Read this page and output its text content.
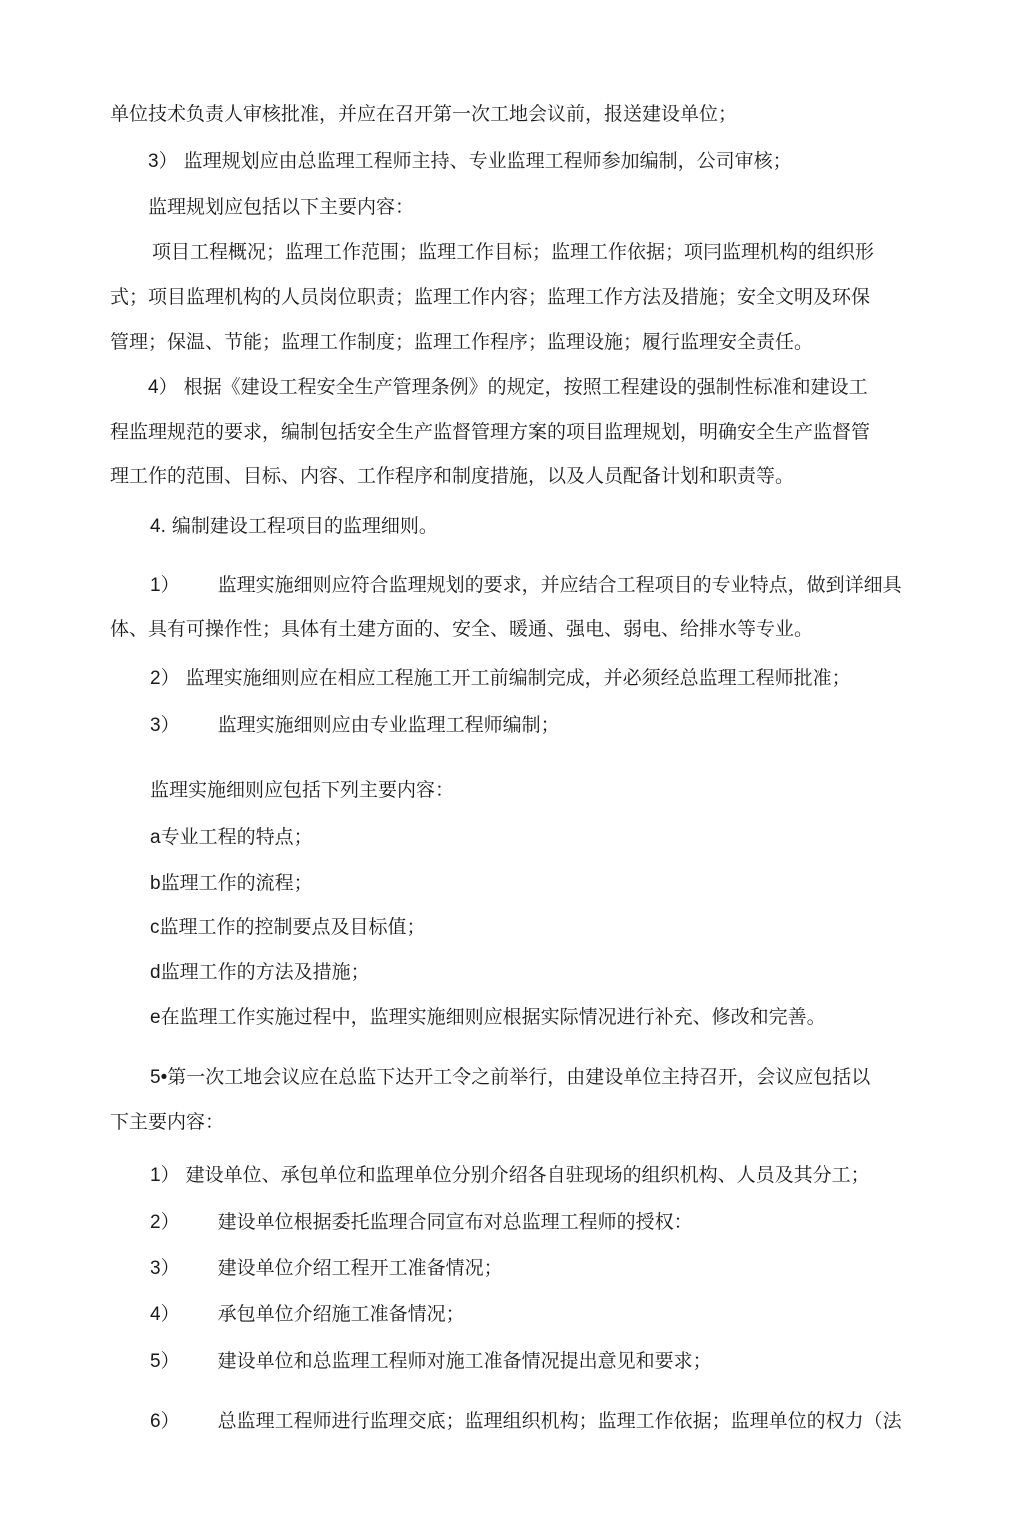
单位技术负责人审核批准，并应在召开第一次工地会议前，报送建设单位；
3） 监理规划应由总监理工程师主持、专业监理工程师参加编制，公司审核；
监理规划应包括以下主要内容：
项目工程概况；监理工作范围；监理工作目标；监理工作依据；项冃监理机构的组织形
式；项目监理机构的人员岗位职责；监理工作内容；监理工作方法及措施；安全文明及环保
管理；保温、节能；监理工作制度；监理工作程序；监理设施；履行监理安全责任。
4） 根据《建设工程安全生产管理条例》的规定，按照工程建设的强制性标准和建设工
程监理规范的要求，编制包括安全生产监督管理方案的项目监理规划，明确安全生产监督管
理工作的范围、目标、内容、工作程序和制度措施，以及人员配备计划和职责等。
4. 编制建设工程项目的监理细则。
1） 监理实施细则应符合监理规划的要求，并应结合工程项目的专业特点，做到详细具
体、具有可操作性；具体有土建方面的、安全、暖通、强电、弱电、给排水等专业。
2） 监理实施细则应在相应工程施工开工前编制完成，并必须经总监理工程师批准；
3） 监理实施细则应由专业监理工程师编制；
监理实施细则应包括下列主要内容：
a专业工程的特点；
b监理工作的流程；
c监理工作的控制要点及目标值；
d监理工作的方法及措施；
e在监理工作实施过程中，监理实施细则应根据实际情况进行补充、修改和完善。
5•第一次工地会议应在总监下达开工令之前举行，由建设单位主持召开，会议应包括以
下主要内容：
1） 建设单位、承包单位和监理单位分别介绍各自驻现场的组织机构、人员及其分工；
2） 建设单位根据委托监理合同宣布对总监理工程师的授权：
3） 建设单位介绍工程开工准备情况；
4） 承包单位介绍施工准备情况；
5） 建设单位和总监理工程师对施工准备情况提出意见和要求；
6） 总监理工程师进行监理交底；监理组织机构；监理工作依据；监理单位的权力（法
